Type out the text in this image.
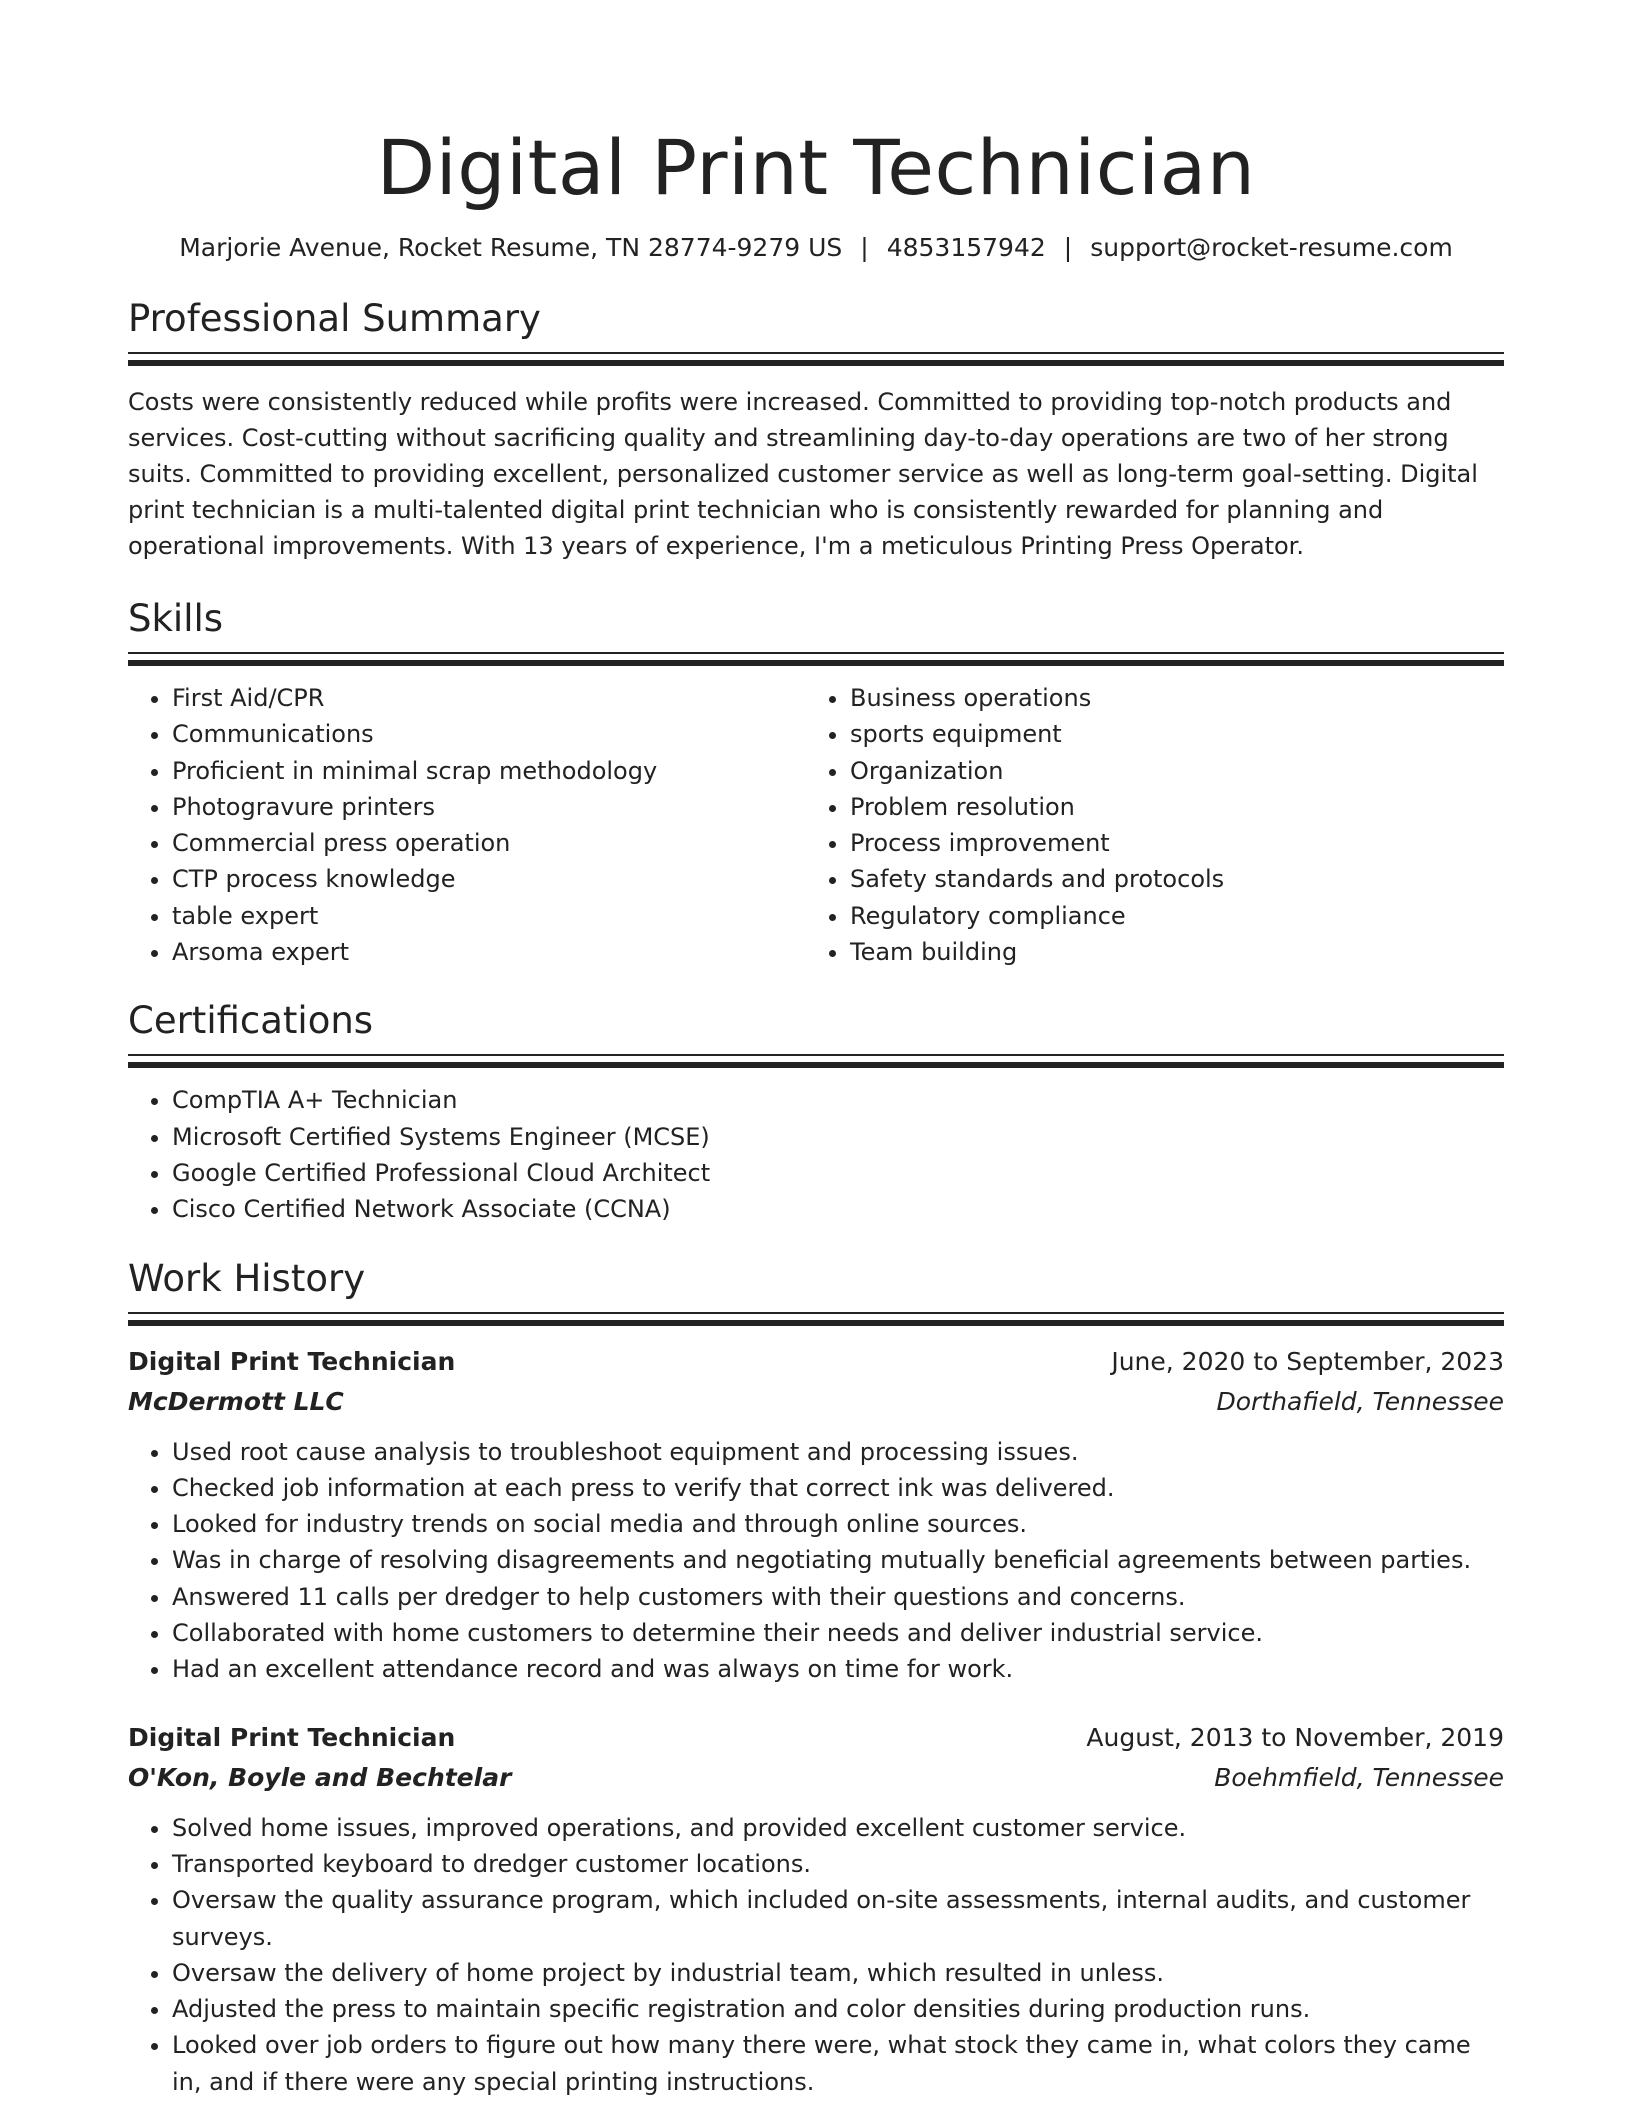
Digital Print Technician
Marjorie Avenue, Rocket Resume, TN 28774-9279 US | 4853157942 | support@rocket-resume.com
Professional Summary

Costs were consistently reduced while profits were increased. Committed to providing top-notch products and services. Cost-cutting without sacrificing quality and streamlining day-to-day operations are two of her strong suits. Committed to providing excellent, personalized customer service as well as long-term goal-setting. Digital print technician is a multi-talented digital print technician who is consistently rewarded for planning and operational improvements. With 13 years of experience, I'm a meticulous Printing Press Operator.

Skills
• First Aid/CPR
• Communications
• Proficient in minimal scrap methodology
• Photogravure printers
• Commercial press operation
• CTP process knowledge
• table expert
• Arsoma expert
• Business operations
• sports equipment
• Organization
• Problem resolution
• Process improvement
• Safety standards and protocols
• Regulatory compliance
• Team building
Certifications
• CompTIA A+ Technician
• Microsoft Certified Systems Engineer (MCSE)
• Google Certified Professional Cloud Architect
• Cisco Certified Network Associate (CCNA)
Work History
Digital Print Technician	June, 2020 to September, 2023
McDermott LLC	Dorthafield, Tennessee
• Used root cause analysis to troubleshoot equipment and processing issues.
• Checked job information at each press to verify that correct ink was delivered.
• Looked for industry trends on social media and through online sources.
• Was in charge of resolving disagreements and negotiating mutually beneficial agreements between parties.
• Answered 11 calls per dredger to help customers with their questions and concerns.
• Collaborated with home customers to determine their needs and deliver industrial service.
• Had an excellent attendance record and was always on time for work.
Digital Print Technician	August, 2013 to November, 2019
O'Kon, Boyle and Bechtelar	Boehmfield, Tennessee
• Solved home issues, improved operations, and provided excellent customer service.
• Transported keyboard to dredger customer locations.
• Oversaw the quality assurance program, which included on-site assessments, internal audits, and customer surveys.
• Oversaw the delivery of home project by industrial team, which resulted in unless.
• Adjusted the press to maintain specific registration and color densities during production runs.
• Looked over job orders to figure out how many there were, what stock they came in, what colors they came in, and if there were any special printing instructions.
